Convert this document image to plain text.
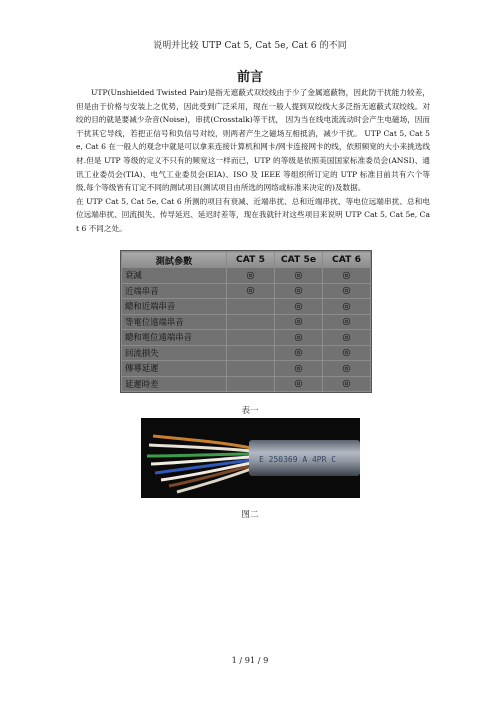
说明并比较 UTP Cat 5, Cat 5e, Cat 6 的不同
前言

UTP(Unshielded Twisted Pair)是指无遮蔽式双绞线由于少了金属遮蔽物，因此防干扰能力较差，但是由于价格与安装上之优势，因此受到广泛采用，现在一般人提到双绞线大多泛指无遮蔽式双绞线。对绞的目的就是要减少杂音(Noise)，串扰(Crosstalk)等干扰， 因为当在线电流流动时会产生电磁场，因而干扰其它导线，若把正信号和负信号对绞，则两者产生之磁场互相抵消，减少干扰。 UTP Cat 5, Cat 5e, Cat 6 在一般人的观念中就是可以拿来连接计算机和网卡/网卡连接网卡的线，依照频宽的大小来挑选线材.但是 UTP 等级的定义不只有的频宽这一样而已，UTP 的等级是依照美国国家标准委员会(ANSI)、通讯工业委员会(TIA)、电气工业委员会(EIA)、ISO 及 IEEE 等组织所订定的 UTP 标准目前共有六个等级,每个等级皆有订定不同的测试项目(测试项目由所选的网络或标准来决定的)及数据。

在 UTP Cat 5, Cat 5e, Cat 6 所测的项目有衰减、近端串扰、总和近端串扰、等电位远端串扰、总和电位远端串扰、回流损失、传导延迟、延迟时差等，现在我就针对这些项目来说明 UTP Cat 5, Cat 5e, Cat 6 不同之处。

測試參數	CAT 5	CAT 5e	CAT 6
衰減	◎	◎	◎
近端串音	◎	◎	◎
總和近端串音		◎	◎
等電位遠端串音		◎	◎
總和電位遠端串音		◎	◎
回流損失		◎	◎
傳導延遲		◎	◎
延遲時差		◎	◎
表一
E 250369 A 4PR C
图二
1 / 91 / 9
